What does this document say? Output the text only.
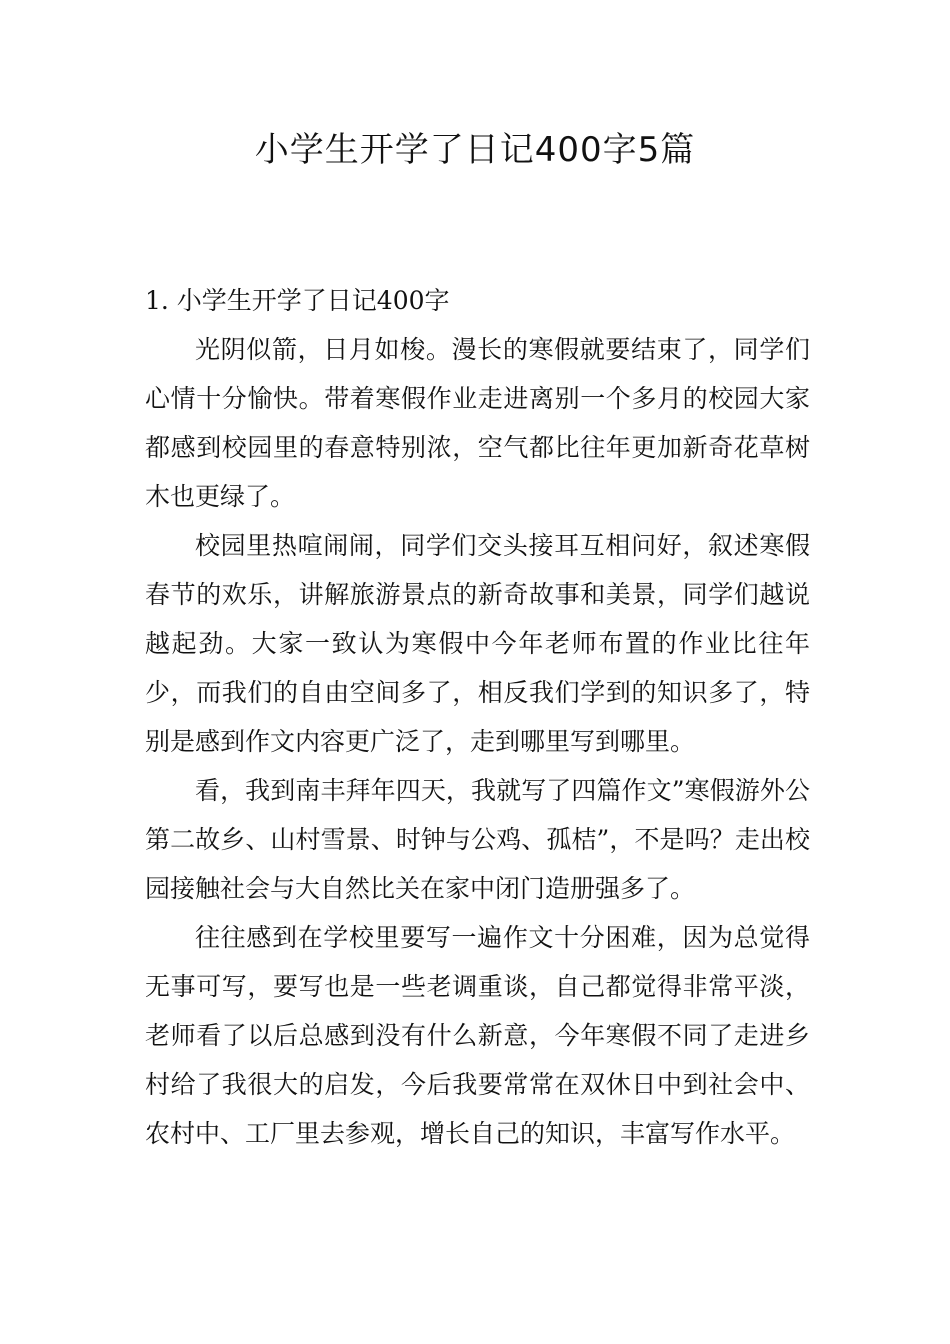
小学生开学了日记400字5篇

1. 小学生开学了日记400字

光阴似箭，日月如梭。漫长的寒假就要结束了，同学们心情十分愉快。带着寒假作业走进离别一个多月的校园大家都感到校园里的春意特别浓，空气都比往年更加新奇花草树木也更绿了。

校园里热喧闹闹，同学们交头接耳互相问好，叙述寒假春节的欢乐，讲解旅游景点的新奇故事和美景，同学们越说越起劲。大家一致认为寒假中今年老师布置的作业比往年少，而我们的自由空间多了，相反我们学到的知识多了，特别是感到作文内容更广泛了，走到哪里写到哪里。

看，我到南丰拜年四天，我就写了四篇作文”寒假游外公第二故乡、山村雪景、时钟与公鸡、孤桔”，不是吗？走出校园接触社会与大自然比关在家中闭门造册强多了。

往往感到在学校里要写一遍作文十分困难，因为总觉得无事可写，要写也是一些老调重谈，自己都觉得非常平淡，老师看了以后总感到没有什么新意，今年寒假不同了走进乡村给了我很大的启发，今后我要常常在双休日中到社会中、农村中、工厂里去参观，增长自己的知识，丰富写作水平。
